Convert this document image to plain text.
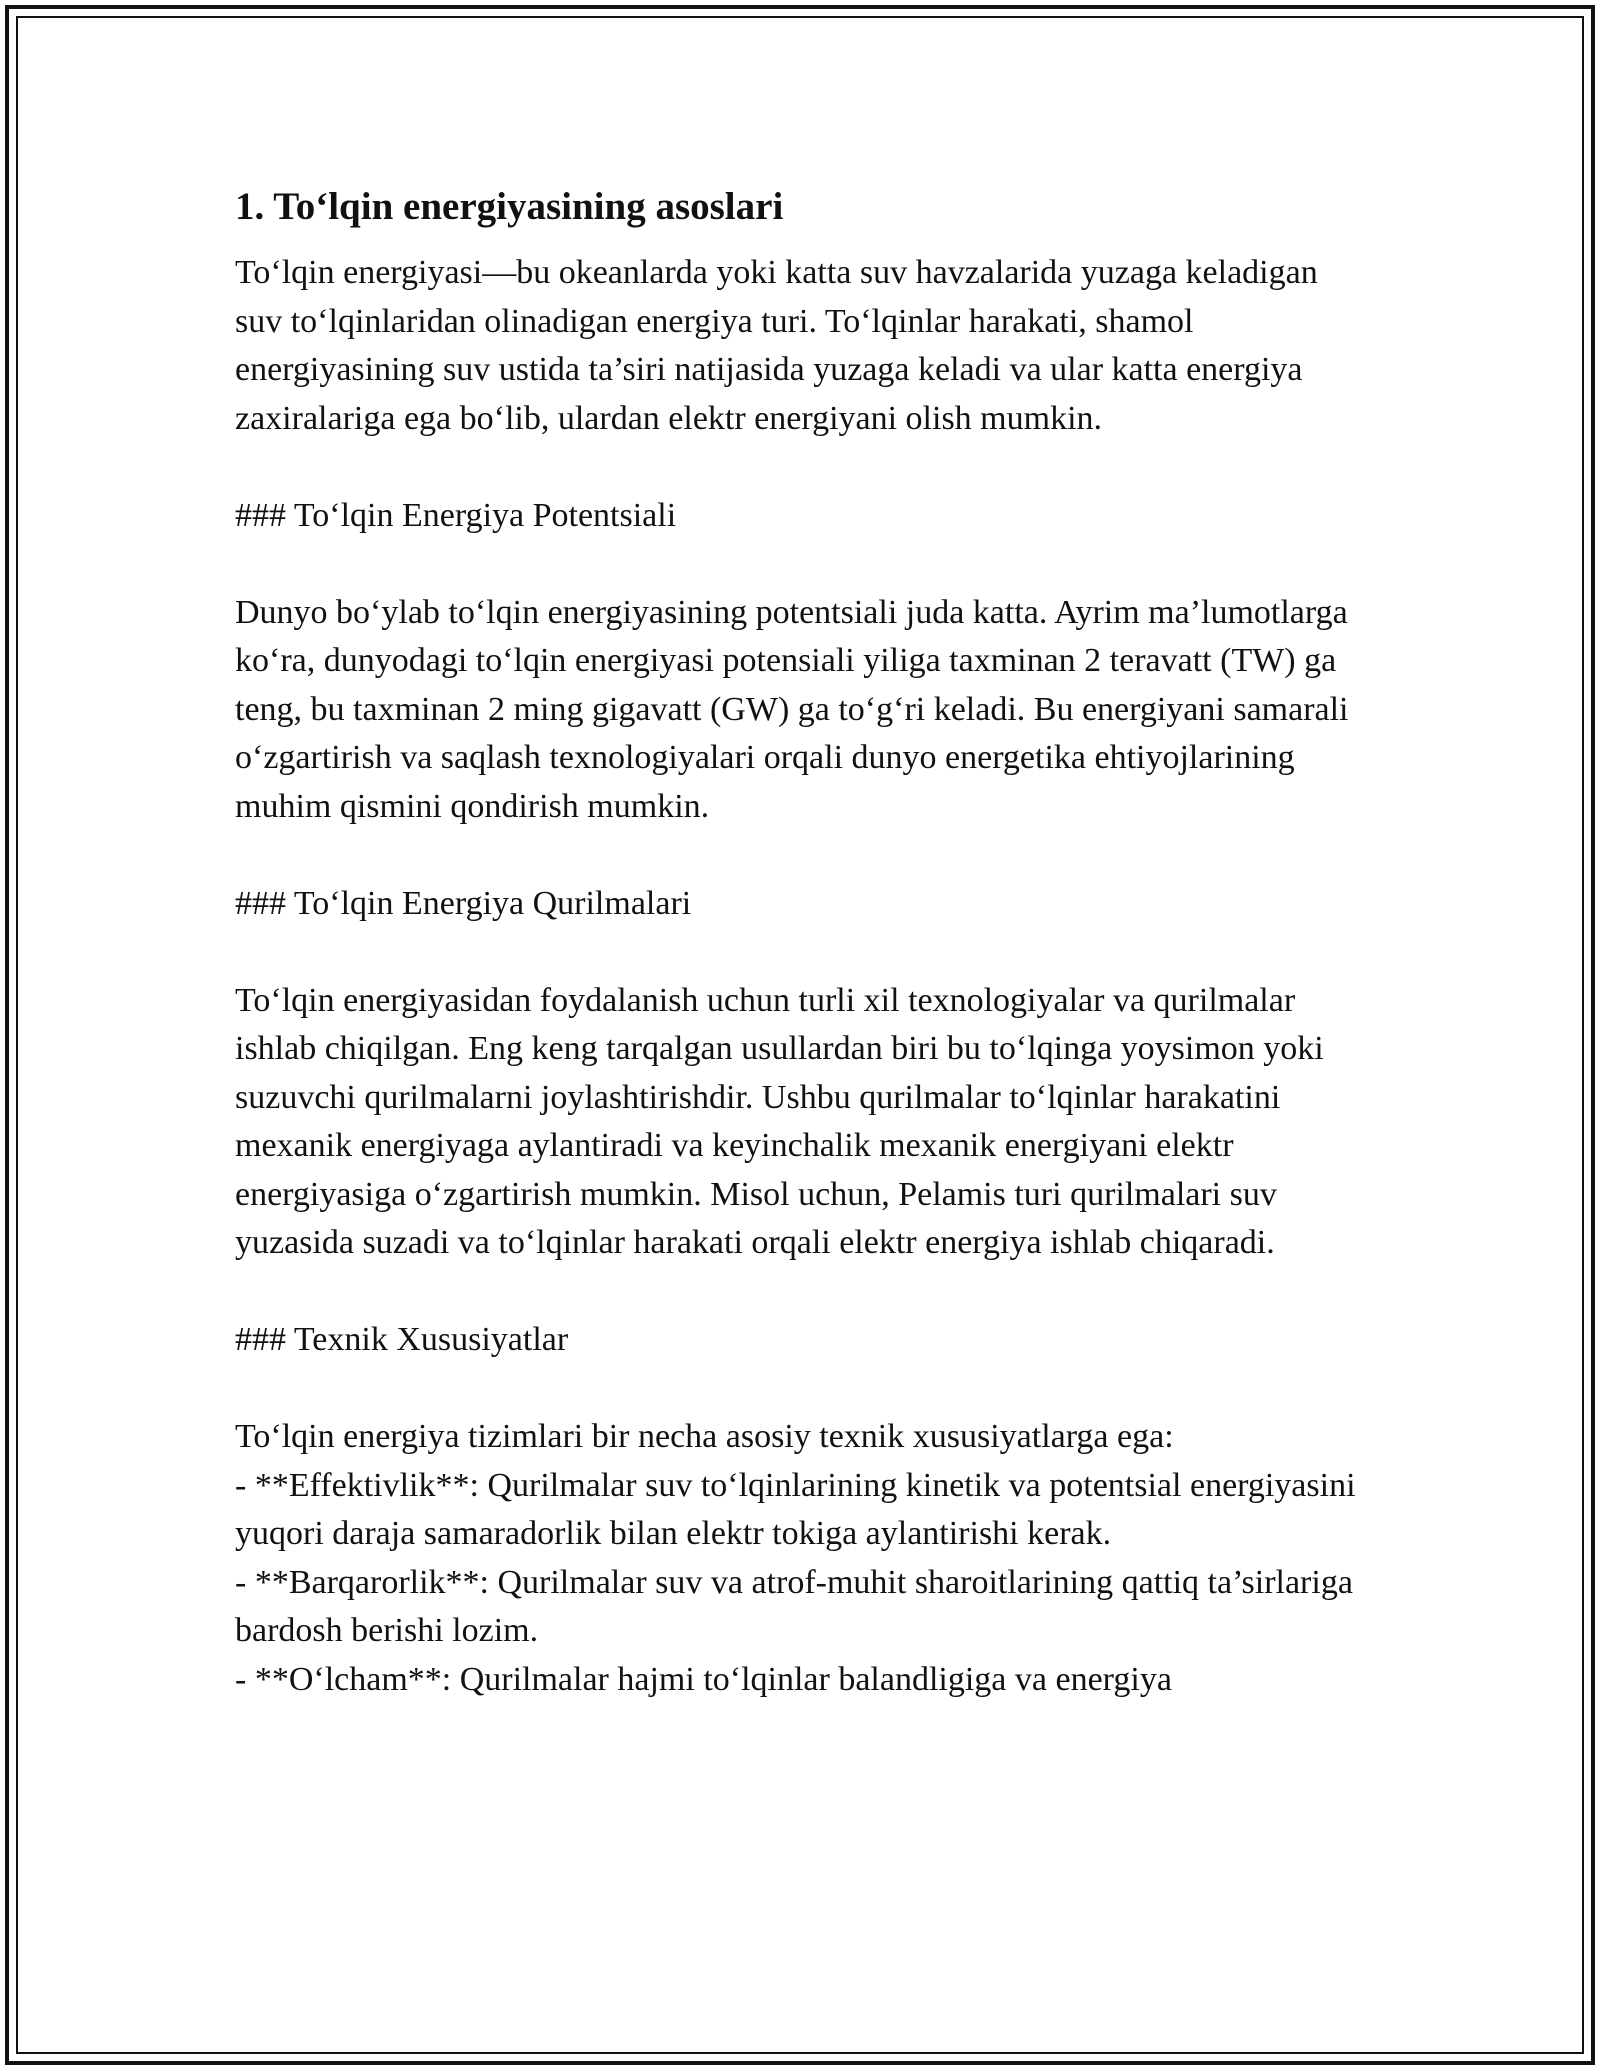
1. To‘lqin energiyasining asoslari

To‘lqin energiyasi—bu okeanlarda yoki katta suv havzalarida yuzaga keladigan suv to‘lqinlaridan olinadigan energiya turi. To‘lqinlar harakati, shamol energiyasining suv ustida ta’siri natijasida yuzaga keladi va ular katta energiya zaxiralariga ega bo‘lib, ulardan elektr energiyani olish mumkin.

### To‘lqin Energiya Potentsiali

Dunyo bo‘ylab to‘lqin energiyasining potentsiali juda katta. Ayrim ma’lumotlarga ko‘ra, dunyodagi to‘lqin energiyasi potensiali yiliga taxminan 2 teravatt (TW) ga teng, bu taxminan 2 ming gigavatt (GW) ga to‘g‘ri keladi. Bu energiyani samarali o‘zgartirish va saqlash texnologiyalari orqali dunyo energetika ehtiyojlarining muhim qismini qondirish mumkin.

### To‘lqin Energiya Qurilmalari

To‘lqin energiyasidan foydalanish uchun turli xil texnologiyalar va qurilmalar ishlab chiqilgan. Eng keng tarqalgan usullardan biri bu to‘lqinga yoysimon yoki suzuvchi qurilmalarni joylashtirishdir. Ushbu qurilmalar to‘lqinlar harakatini mexanik energiyaga aylantiradi va keyinchalik mexanik energiyani elektr energiyasiga o‘zgartirish mumkin. Misol uchun, Pelamis turi qurilmalari suv yuzasida suzadi va to‘lqinlar harakati orqali elektr energiya ishlab chiqaradi.

### Texnik Xususiyatlar

To‘lqin energiya tizimlari bir necha asosiy texnik xususiyatlarga ega:

- **Effektivlik**: Qurilmalar suv to‘lqinlarining kinetik va potentsial energiyasini yuqori daraja samaradorlik bilan elektr tokiga aylantirishi kerak.

- **Barqarorlik**: Qurilmalar suv va atrof-muhit sharoitlarining qattiq ta’sirlariga bardosh berishi lozim.

- **O‘lcham**: Qurilmalar hajmi to‘lqinlar balandligiga va energiya
